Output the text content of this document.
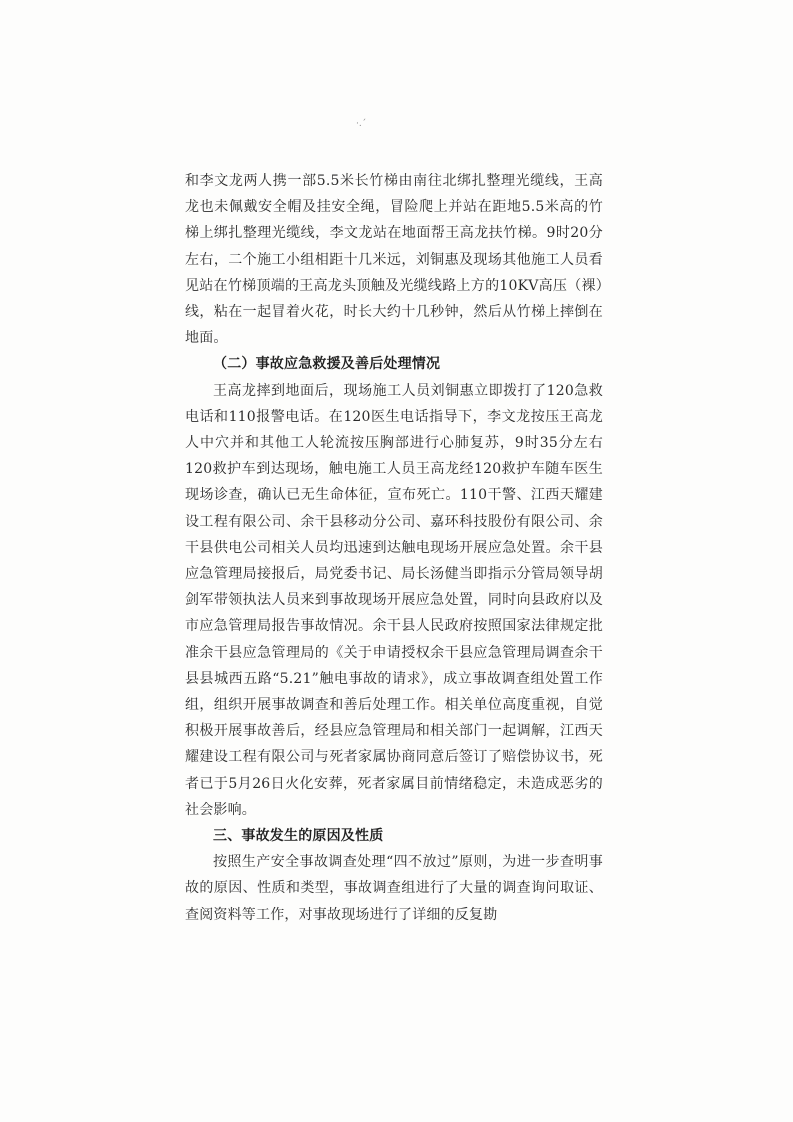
·.´

和李文龙两人携一部5.5米长竹梯由南往北绑扎整理光缆线，王高龙也未佩戴安全帽及挂安全绳，冒险爬上并站在距地5.5米高的竹梯上绑扎整理光缆线，李文龙站在地面帮王高龙扶竹梯。9时20分左右，二个施工小组相距十几米远，刘铜惠及现场其他施工人员看见站在竹梯顶端的王高龙头顶触及光缆线路上方的10KV高压（裸）线，粘在一起冒着火花，时长大约十几秒钟，然后从竹梯上摔倒在地面。

（二）事故应急救援及善后处理情况

王高龙摔到地面后，现场施工人员刘铜惠立即拨打了120急救电话和110报警电话。在120医生电话指导下，李文龙按压王高龙人中穴并和其他工人轮流按压胸部进行心肺复苏，9时35分左右120救护车到达现场，触电施工人员王高龙经120救护车随车医生现场诊查，确认已无生命体征，宣布死亡。110干警、江西天耀建设工程有限公司、余干县移动分公司、嘉环科技股份有限公司、余干县供电公司相关人员均迅速到达触电现场开展应急处置。余干县应急管理局接报后，局党委书记、局长汤健当即指示分管局领导胡剑军带领执法人员来到事故现场开展应急处置，同时向县政府以及市应急管理局报告事故情况。余干县人民政府按照国家法律规定批准余干县应急管理局的《关于申请授权余干县应急管理局调查余干县县城西五路“5.21”触电事故的请求》，成立事故调查组处置工作组，组织开展事故调查和善后处理工作。相关单位高度重视，自觉积极开展事故善后，经县应急管理局和相关部门一起调解，江西天耀建设工程有限公司与死者家属协商同意后签订了赔偿协议书，死者已于5月26日火化安葬，死者家属目前情绪稳定，未造成恶劣的社会影响。

三、事故发生的原因及性质

按照生产安全事故调查处理“四不放过”原则，为进一步查明事故的原因、性质和类型，事故调查组进行了大量的调查询问取证、查阅资料等工作，对事故现场进行了详细的反复勘
